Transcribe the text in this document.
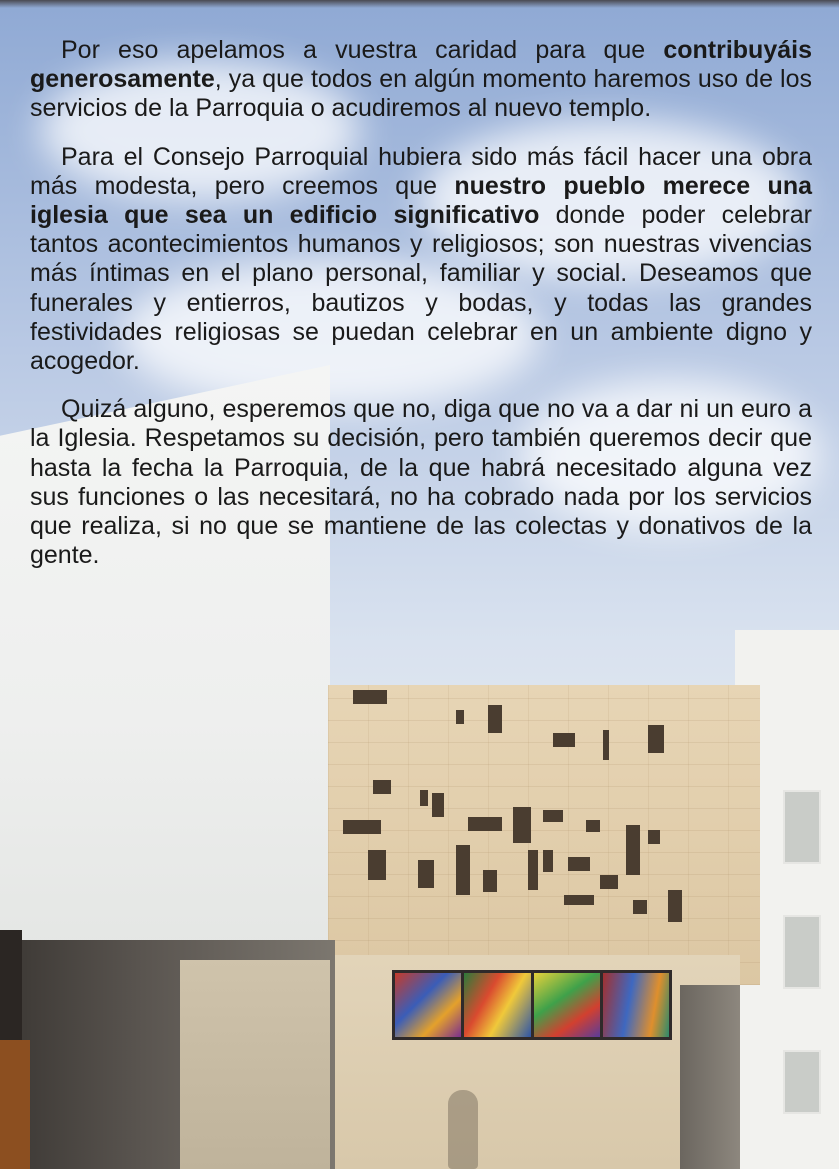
Por eso apelamos a vuestra caridad para que contribuyáis generosamente, ya que todos en algún momento haremos uso de los servicios de la Parroquia o acudiremos al nuevo templo.

Para el Consejo Parroquial hubiera sido más fácil hacer una obra más modesta, pero creemos que nuestro pueblo merece una iglesia que sea un edificio significativo donde poder celebrar tantos acontecimientos humanos y religiosos; son nuestras vivencias más íntimas en el plano personal, familiar y social. Deseamos que funerales y entierros, bautizos y bodas, y todas las grandes festividades religiosas se puedan celebrar en un ambiente digno y acogedor.

Quizá alguno, esperemos que no, diga que no va a dar ni un euro a la Iglesia. Respetamos su decisión, pero también queremos decir que hasta la fecha la Parroquia, de la que habrá necesitado alguna vez sus funciones o las necesitará, no ha cobrado nada por los servicios que realiza, si no que se mantiene de las colectas y donativos de la gente.
